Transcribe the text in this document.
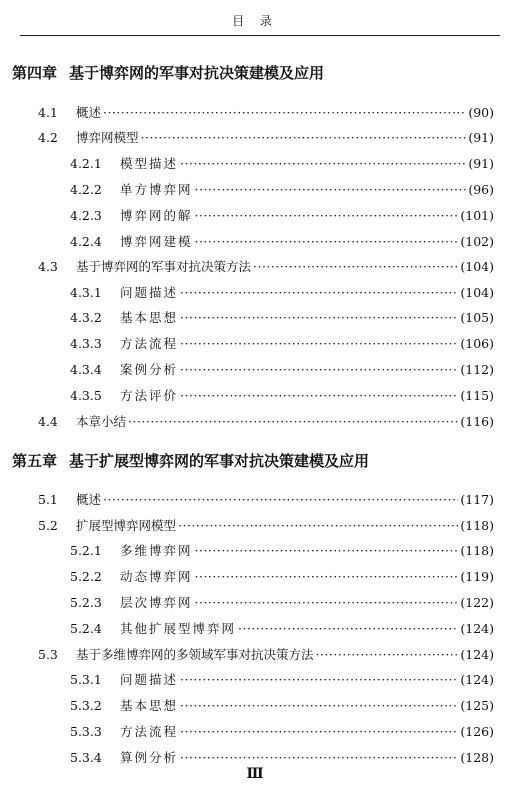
目 录
第四章 基于博弈网的军事对抗决策建模及应用
4.1	概述 ·····	(90)
4.2	博弈网模型 ·····	(91)
4.2.1	模型描述 ·····	(91)
4.2.2	单方博弈网 ·····	(96)
4.2.3	博弈网的解 ·····	(101)
4.2.4	博弈网建模 ·····	(102)
4.3	基于博弈网的军事对抗决策方法 ·····	(104)
4.3.1	问题描述 ·····	(104)
4.3.2	基本思想 ·····	(105)
4.3.3	方法流程 ·····	(106)
4.3.4	案例分析 ·····	(112)
4.3.5	方法评价 ·····	(115)
4.4	本章小结 ·····	(116)
第五章 基于扩展型博弈网的军事对抗决策建模及应用
5.1	概述 ·····	(117)
5.2	扩展型博弈网模型 ·····	(118)
5.2.1	多维博弈网 ·····	(118)
5.2.2	动态博弈网 ·····	(119)
5.2.3	层次博弈网 ·····	(122)
5.2.4	其他扩展型博弈网 ·····	(124)
5.3	基于多维博弈网的多领域军事对抗决策方法 ·····	(124)
5.3.1	问题描述 ·····	(124)
5.3.2	基本思想 ·····	(125)
5.3.3	方法流程 ·····	(126)
5.3.4	算例分析 ·····	(128)
Ⅲ
